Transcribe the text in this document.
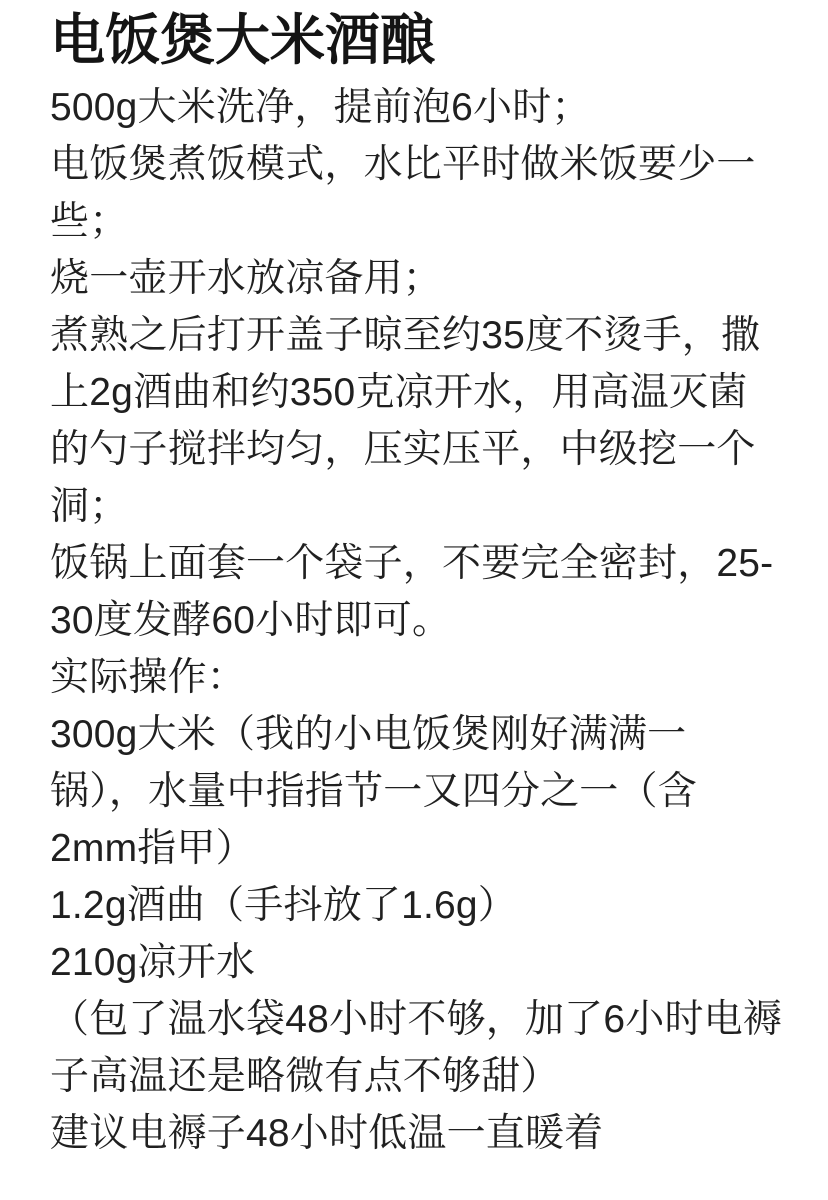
电饭煲大米酒酿

500g大米洗净，提前泡6小时；

电饭煲煮饭模式，水比平时做米饭要少一些；

烧一壶开水放凉备用；

煮熟之后打开盖子晾至约35度不烫手，撒上2g酒曲和约350克凉开水，用高温灭菌的勺子搅拌均匀，压实压平，中级挖一个洞；

饭锅上面套一个袋子，不要完全密封，25-30度发酵60小时即可。

实际操作：

300g大米（我的小电饭煲刚好满满一锅），水量中指指节一又四分之一（含2mm指甲）

1.2g酒曲（手抖放了1.6g）

210g凉开水

（包了温水袋48小时不够，加了6小时电褥子高温还是略微有点不够甜）

建议电褥子48小时低温一直暖着
